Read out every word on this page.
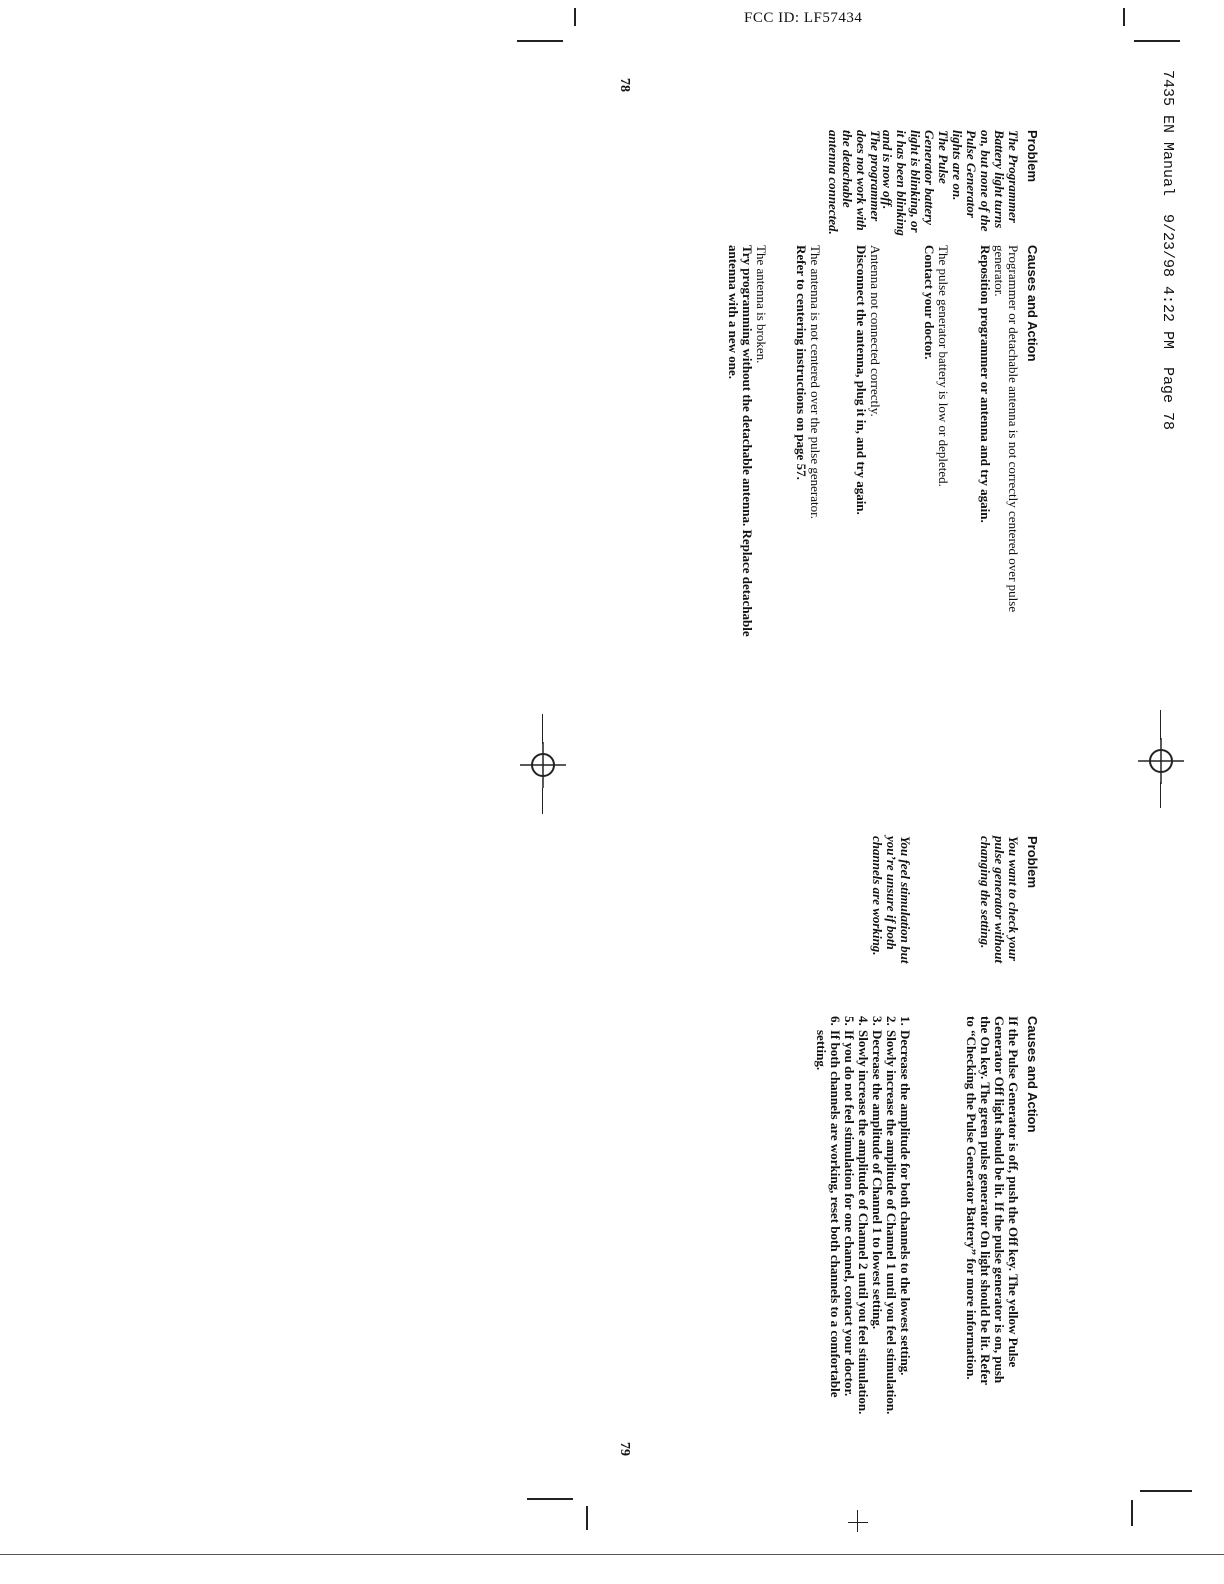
FCC ID: LF57434
7435 EN Manual  9/23/98 4:22 PM  Page 78
78
79
Problem
Causes and Action
The Programmer Battery light turns on, but none of the Pulse Generator lights are on.
Programmer or detachable antenna is not correctly centered over pulse generator.
Reposition programmer or antenna and try again.
The Pulse Generator battery light is blinking, or it has been blinking and is now off.
The pulse generator battery is low or depleted.
Contact your doctor.
The programmer does not work with the detachable antenna connected.
Antenna not connected correctly.
Disconnect the antenna, plug it in, and try again.
The antenna is not centered over the pulse generator.
Refer to centering instructions on page 57.
The antenna is broken.
Try programming without the detachable antenna. Replace detachable antenna with a new one.
Problem
Causes and Action
You want to check your pulse generator without changing the setting.
If the Pulse Generator is off, push the Off key. The yellow Pulse Generator Off light should be lit. If the pulse generator is on, push the On key. The green pulse generator On light should be lit. Refer to “Checking the Pulse Generator Battery” for more information.
You feel stimulation but you’re unsure if both channels are working.
1.Decrease the amplitude for both channels to the lowest setting.
2.Slowly increase the amplitude of Channel 1 until you feel stimulation.
3.Decrease the amplitude of Channel 1 to lowest setting.
4.Slowly increase the amplitude of Channel 2 until you feel stimulation.
5.If you do not feel stimulation for one channel, contact your doctor.
6.If both channels are working, reset both channels to a comfortable setting.
